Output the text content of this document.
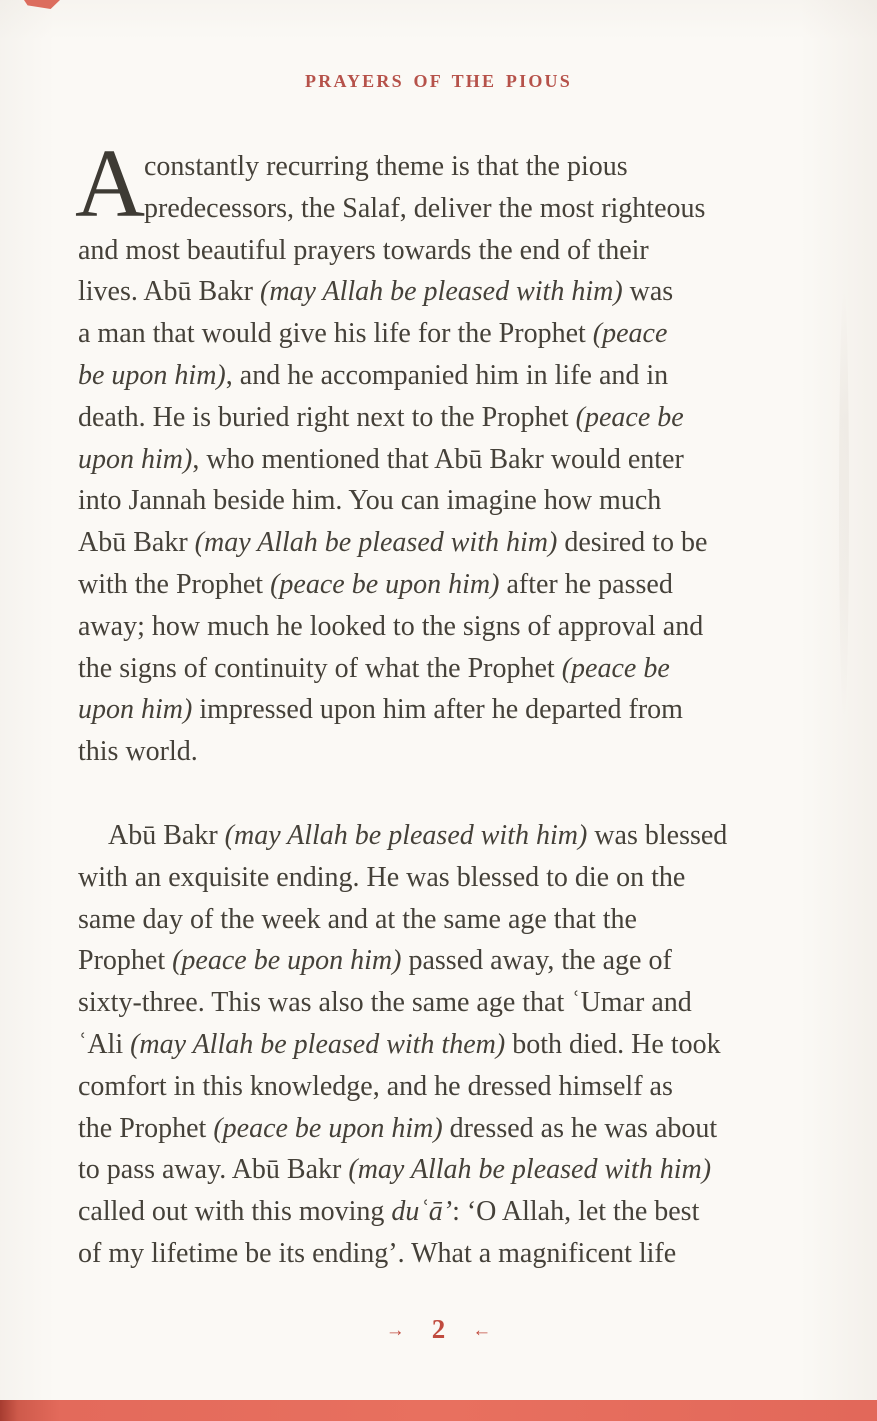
PRAYERS OF THE PIOUS
A
constantly recurring theme is that the pious
predecessors, the Salaf, deliver the most righteous
and most beautiful prayers towards the end of their
lives. Abū Bakr (may Allah be pleased with him) was
a man that would give his life for the Prophet (peace
be upon him), and he accompanied him in life and in
death. He is buried right next to the Prophet (peace be
upon him), who mentioned that Abū Bakr would enter
into Jannah beside him. You can imagine how much
Abū Bakr (may Allah be pleased with him) desired to be
with the Prophet (peace be upon him) after he passed
away; how much he looked to the signs of approval and
the signs of continuity of what the Prophet (peace be
upon him) impressed upon him after he departed from
this world.
Abū Bakr (may Allah be pleased with him) was blessed
with an exquisite ending. He was blessed to die on the
same day of the week and at the same age that the
Prophet (peace be upon him) passed away, the age of
sixty-three. This was also the same age that ʿUmar and
ʿAli (may Allah be pleased with them) both died. He took
comfort in this knowledge, and he dressed himself as
the Prophet (peace be upon him) dressed as he was about
to pass away. Abū Bakr (may Allah be pleased with him)
called out with this moving duʿā’: ‘O Allah, let the best
of my lifetime be its ending’. What a magnificent life
→ 2 ←
